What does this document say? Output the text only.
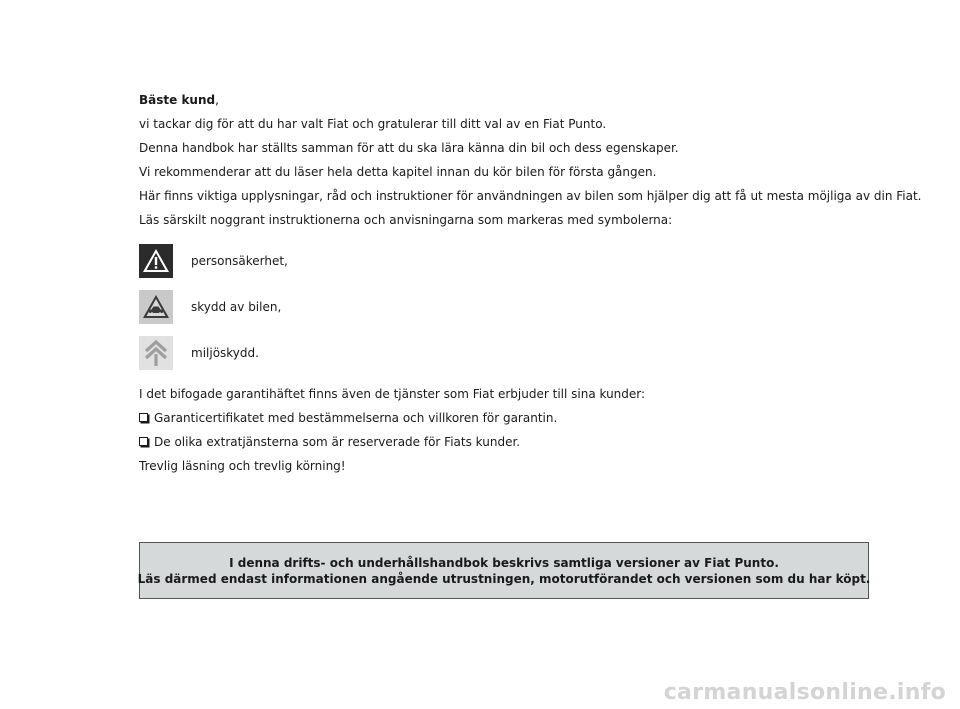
Bäste kund,
vi tackar dig för att du har valt Fiat och gratulerar till ditt val av en Fiat Punto.
Denna handbok har ställts samman för att du ska lära känna din bil och dess egenskaper.
Vi rekommenderar att du läser hela detta kapitel innan du kör bilen för första gången.
Här finns viktiga upplysningar, råd och instruktioner för användningen av bilen som hjälper dig att få ut mesta möjliga av din Fiat.
Läs särskilt noggrant instruktionerna och anvisningarna som markeras med symbolerna:
personsäkerhet,
skydd av bilen,
miljöskydd.
I det bifogade garantihäftet finns även de tjänster som Fiat erbjuder till sina kunder:
Garanticertifikatet med bestämmelserna och villkoren för garantin.
De olika extratjänsterna som är reserverade för Fiats kunder.
Trevlig läsning och trevlig körning!
I denna drifts- och underhållshandbok beskrivs samtliga versioner av Fiat Punto.
Läs därmed endast informationen angående utrustningen, motorutförandet och versionen som du har köpt.
carmanualsonline.info
